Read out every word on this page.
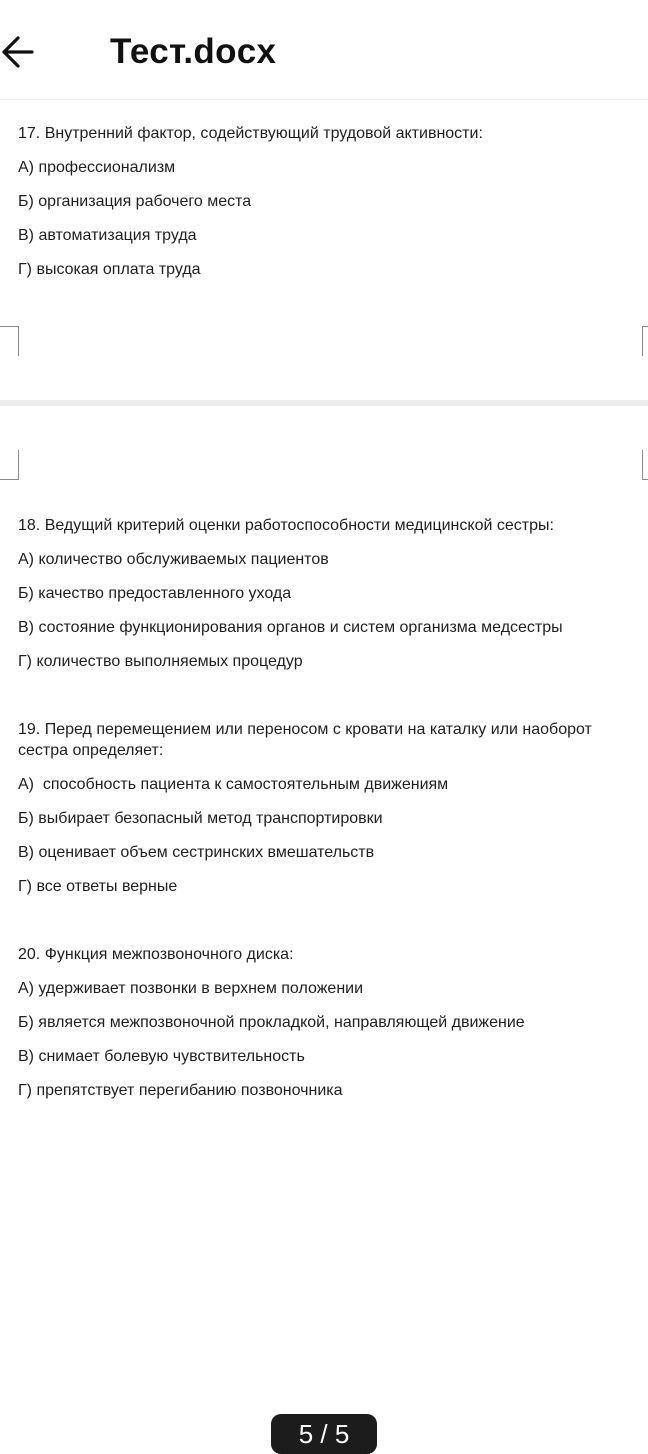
Тест.docx
17. Внутренний фактор, содействующий трудовой активности:
А) профессионализм
Б) организация рабочего места
В) автоматизация труда
Г) высокая оплата труда
18. Ведущий критерий оценки работоспособности медицинской сестры:
А) количество обслуживаемых пациентов
Б) качество предоставленного ухода
В) состояние функционирования органов и систем организма медсестры
Г) количество выполняемых процедур
19. Перед перемещением или переносом с кровати на каталку или наоборот сестра определяет:
А)  способность пациента к самостоятельным движениям
Б) выбирает безопасный метод транспортировки
В) оценивает объем сестринских вмешательств
Г) все ответы верные
20. Функция межпозвоночного диска:
А) удерживает позвонки в верхнем положении
Б) является межпозвоночной прокладкой, направляющей движение
В) снимает болевую чувствительность
Г) препятствует перегибанию позвоночника
5 / 5
